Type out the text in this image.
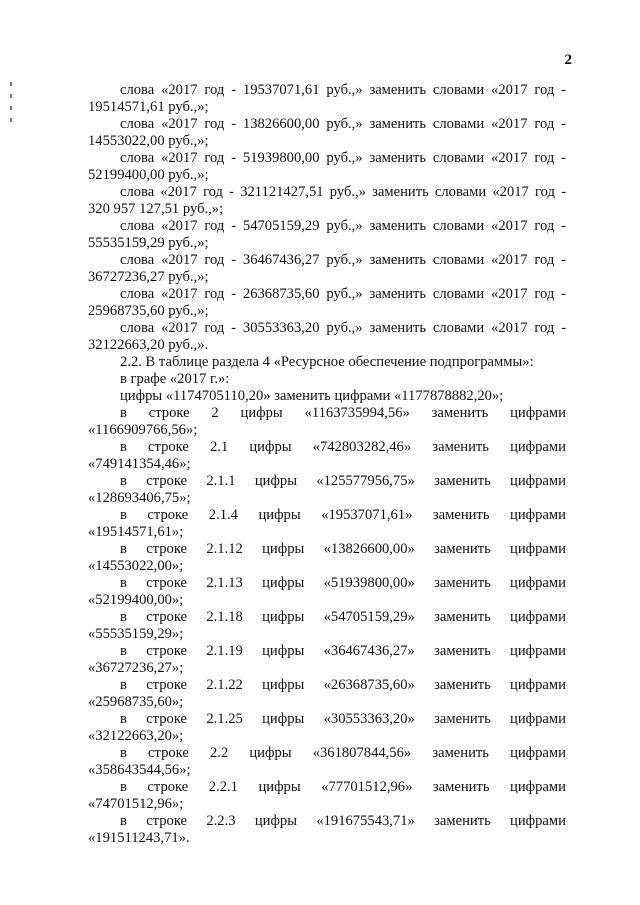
2

слова «2017 год - 19537071,61 руб.,» заменить словами «2017 год - 19514571,61 руб.,»;

слова «2017 год - 13826600,00 руб.,» заменить словами «2017 год - 14553022,00 руб.,»;

слова «2017 год - 51939800,00 руб.,» заменить словами «2017 год - 52199400,00 руб.,»;

слова «2017 год - 321121427,51 руб.,» заменить словами «2017 год - 320 957 127,51 руб.,»;

слова «2017 год - 54705159,29 руб.,» заменить словами «2017 год - 55535159,29 руб.,»;

слова «2017 год - 36467436,27 руб.,» заменить словами «2017 год - 36727236,27 руб.,»;

слова «2017 год - 26368735,60 руб.,» заменить словами «2017 год - 25968735,60 руб.,»;

слова «2017 год - 30553363,20 руб.,» заменить словами «2017 год - 32122663,20 руб.,».

2.2. В таблице раздела 4 «Ресурсное обеспечение подпрограммы»:

в графе «2017 г.»:

цифры «1174705110,20» заменить цифрами «1177878882,20»;

в строке 2 цифры «1163735994,56» заменить цифрами
«1166909766,56»;
в строке 2.1 цифры «742803282,46» заменить цифрами
«749141354,46»;
в строке 2.1.1 цифры «125577956,75» заменить цифрами
«128693406,75»;
в строке 2.1.4 цифры «19537071,61» заменить цифрами
«19514571,61»;
в строке 2.1.12 цифры «13826600,00» заменить цифрами
«14553022,00»;
в строке 2.1.13 цифры «51939800,00» заменить цифрами
«52199400,00»;
в строке 2.1.18 цифры «54705159,29» заменить цифрами
«55535159,29»;
в строке 2.1.19 цифры «36467436,27» заменить цифрами
«36727236,27»;
в строке 2.1.22 цифры «26368735,60» заменить цифрами
«25968735,60»;
в строке 2.1.25 цифры «30553363,20» заменить цифрами
«32122663,20»;
в строке 2.2 цифры «361807844,56» заменить цифрами
«358643544,56»;
в строке 2.2.1 цифры «77701512,96» заменить цифрами
«74701512,96»;
в строке 2.2.3 цифры «191675543,71» заменить цифрами
«191511243,71».
